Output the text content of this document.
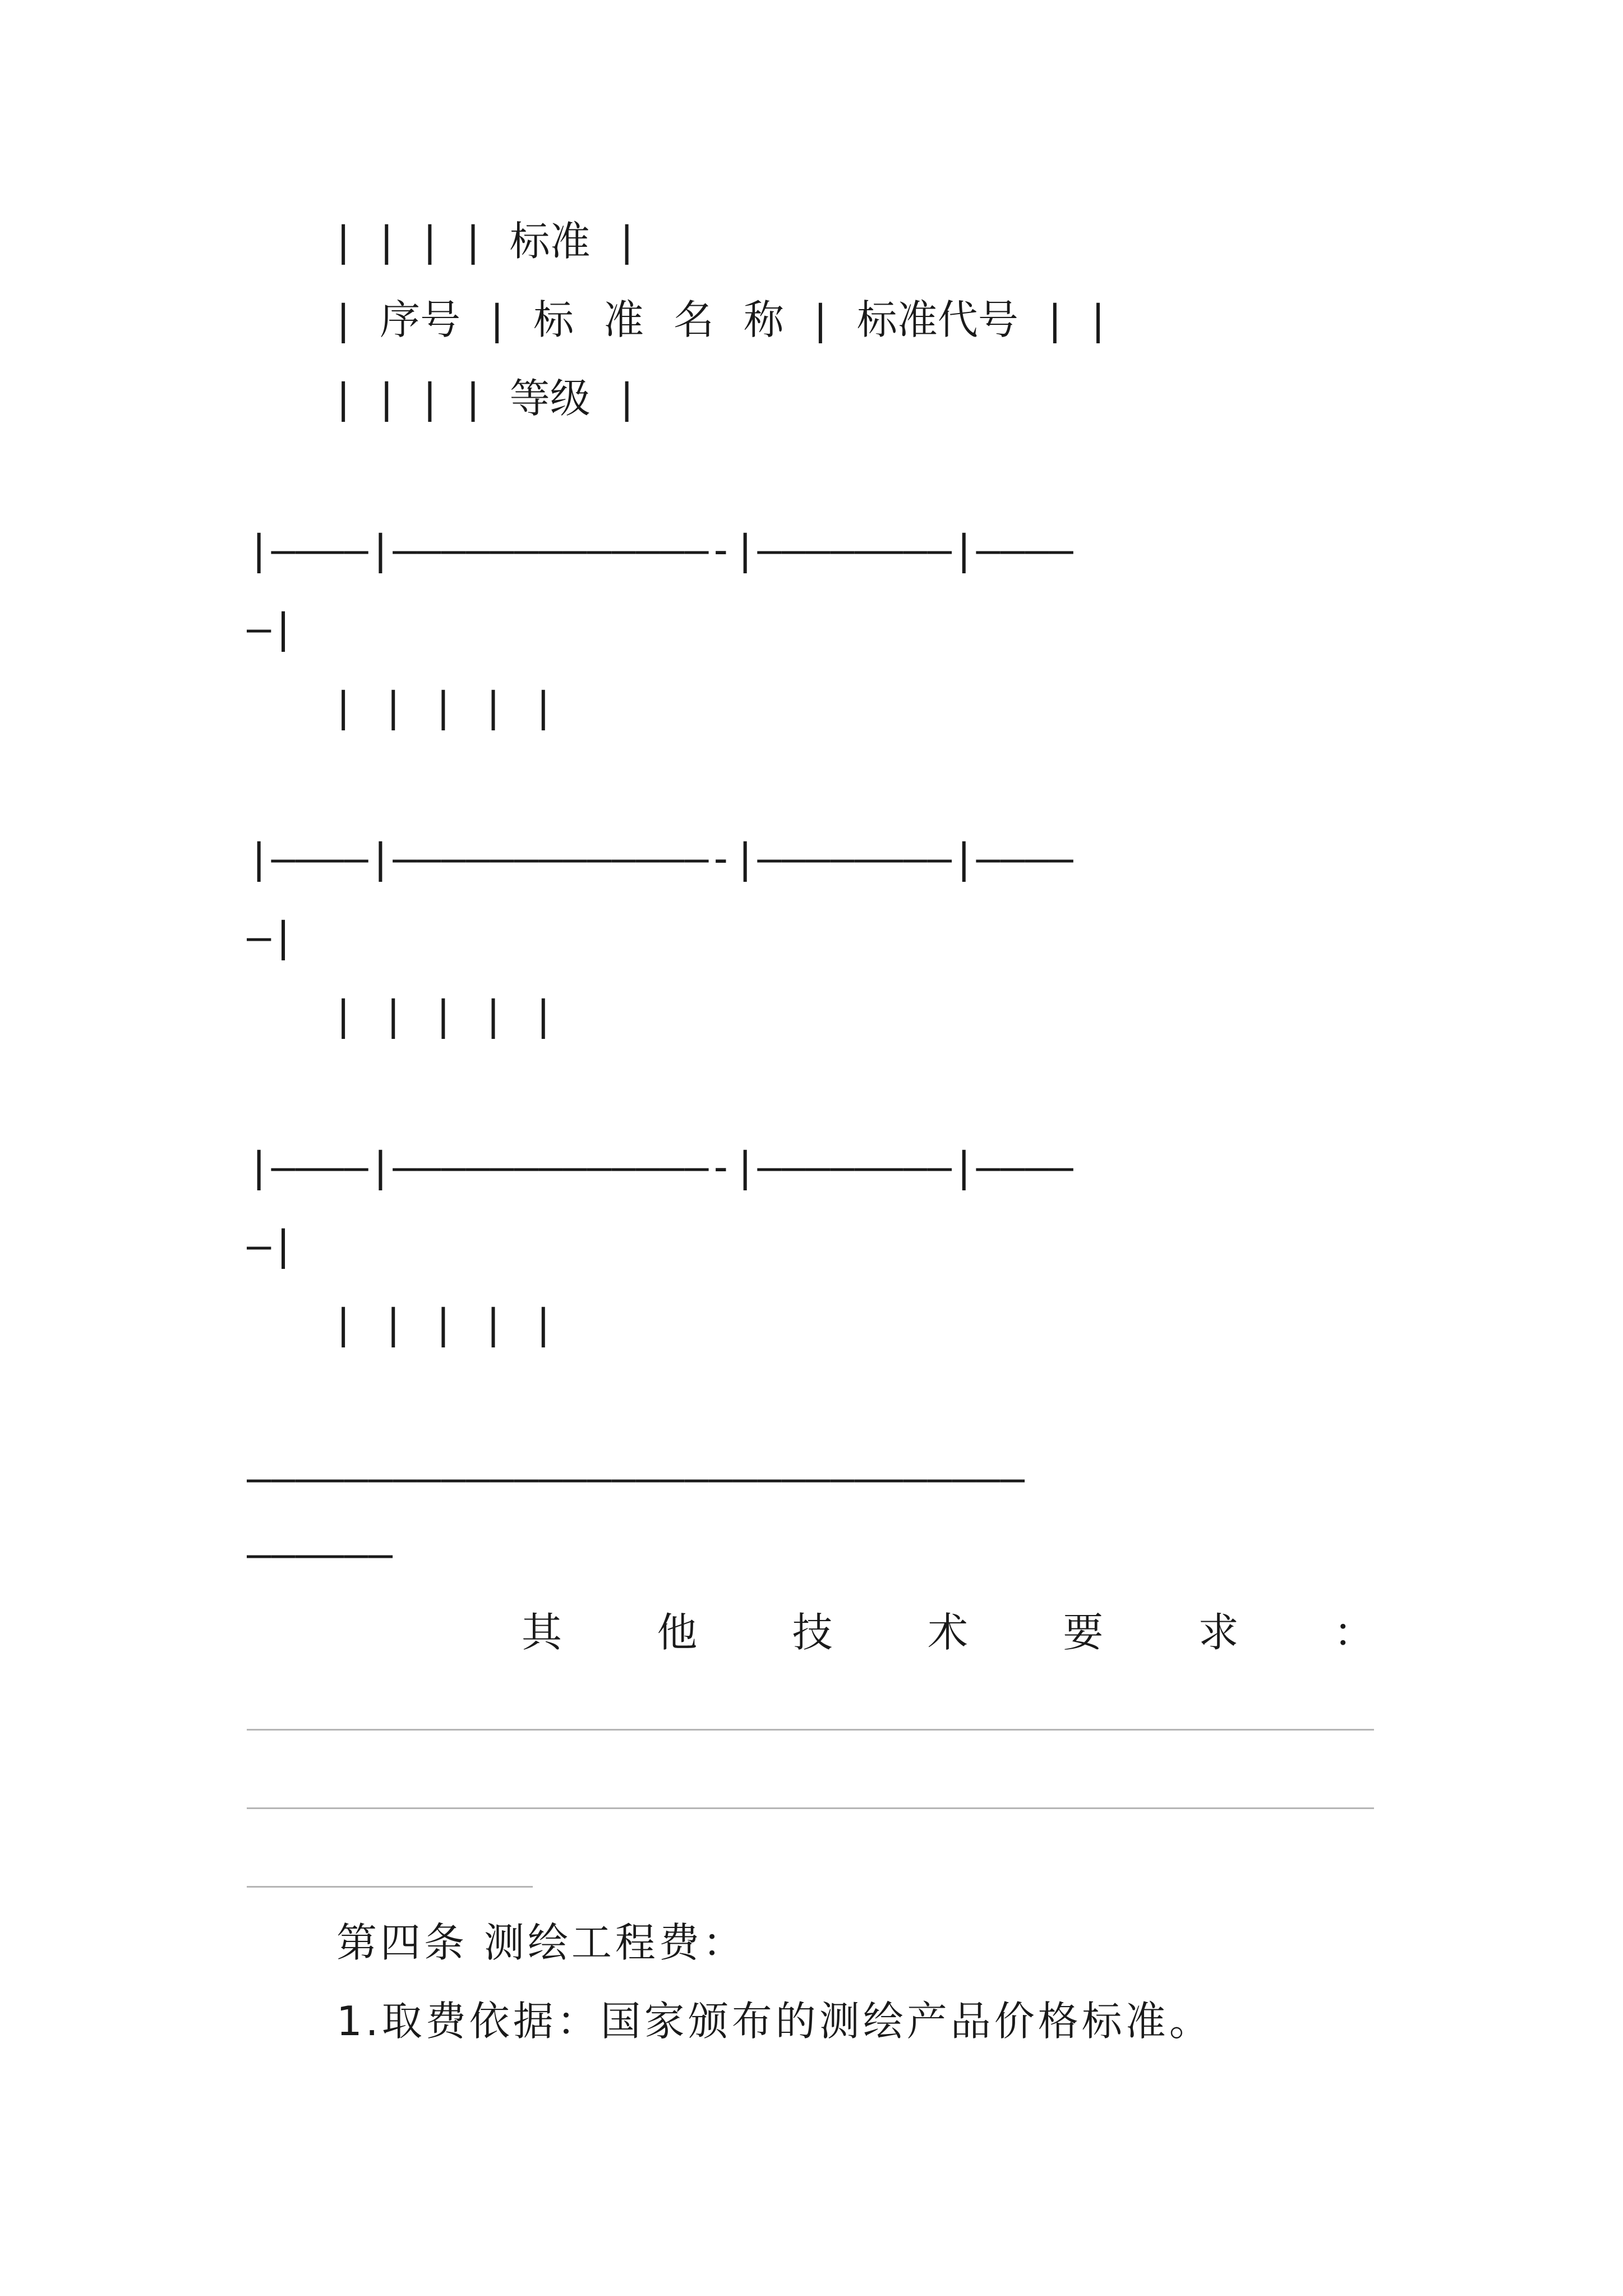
| | | | 标准 |
| 序号 | 标 准 名 称 | 标准代号 | |
| | | | 等级 |
|————|—————————————-|————————|————
—|
| | | | |
|————|—————————————-|————————|————
—|
| | | | |
|————|—————————————-|————————|————
—|
| | | | |
————————————————————————————————
——————
其 他 技 术 要 求 ：
第四条 测绘工程费：
1.取费依据：国家颁布的测绘产品价格标准。
